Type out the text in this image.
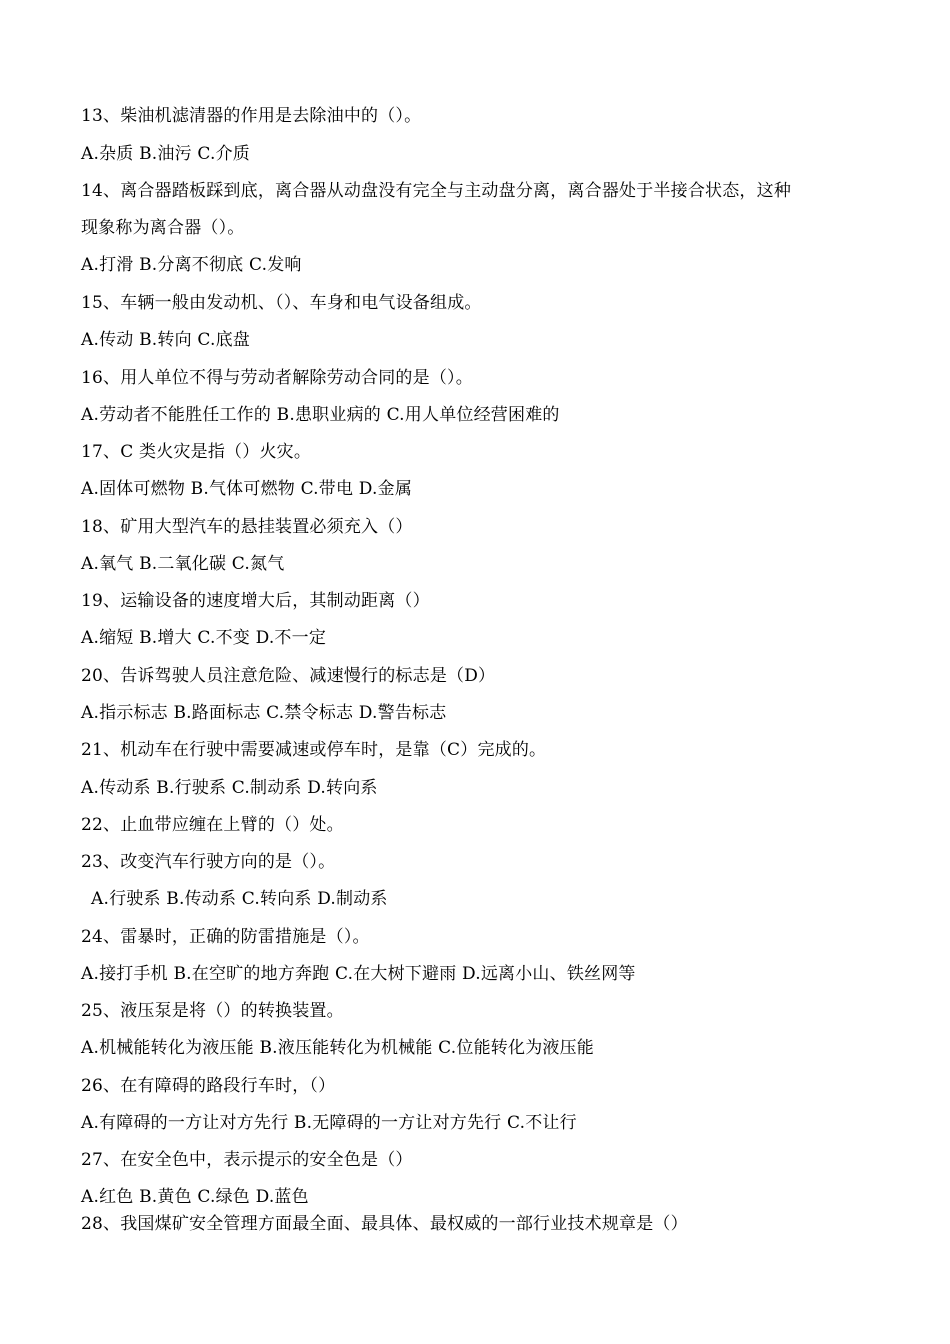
13、柴油机滤清器的作用是去除油中的（）。
A.杂质 B.油污 C.介质
14、离合器踏板踩到底，离合器从动盘没有完全与主动盘分离，离合器处于半接合状态，这种
现象称为离合器（）。
A.打滑 B.分离不彻底 C.发响
15、车辆一般由发动机、（）、车身和电气设备组成。
A.传动 B.转向 C.底盘
16、用人单位不得与劳动者解除劳动合同的是（）。
A.劳动者不能胜任工作的 B.患职业病的 C.用人单位经营困难的
17、C 类火灾是指（）火灾。
A.固体可燃物 B.气体可燃物 C.带电 D.金属
18、矿用大型汽车的悬挂装置必须充入（）
A.氧气 B.二氧化碳 C.氮气
19、运输设备的速度增大后，其制动距离（）
A.缩短 B.增大 C.不变 D.不一定
20、告诉驾驶人员注意危险、减速慢行的标志是（D）
A.指示标志 B.路面标志 C.禁令标志 D.警告标志
21、机动车在行驶中需要减速或停车时，是靠（C）完成的。
A.传动系 B.行驶系 C.制动系 D.转向系
22、止血带应缠在上臂的（）处。
23、改变汽车行驶方向的是（）。
A.行驶系 B.传动系 C.转向系 D.制动系
24、雷暴时，正确的防雷措施是（）。
A.接打手机 B.在空旷的地方奔跑 C.在大树下避雨 D.远离小山、铁丝网等
25、液压泵是将（）的转换装置。
A.机械能转化为液压能 B.液压能转化为机械能 C.位能转化为液压能
26、在有障碍的路段行车时，（）
A.有障碍的一方让对方先行 B.无障碍的一方让对方先行 C.不让行
27、在安全色中，表示提示的安全色是（）
A.红色 B.黄色 C.绿色 D.蓝色
28、我国煤矿安全管理方面最全面、最具体、最权威的一部行业技术规章是（）
